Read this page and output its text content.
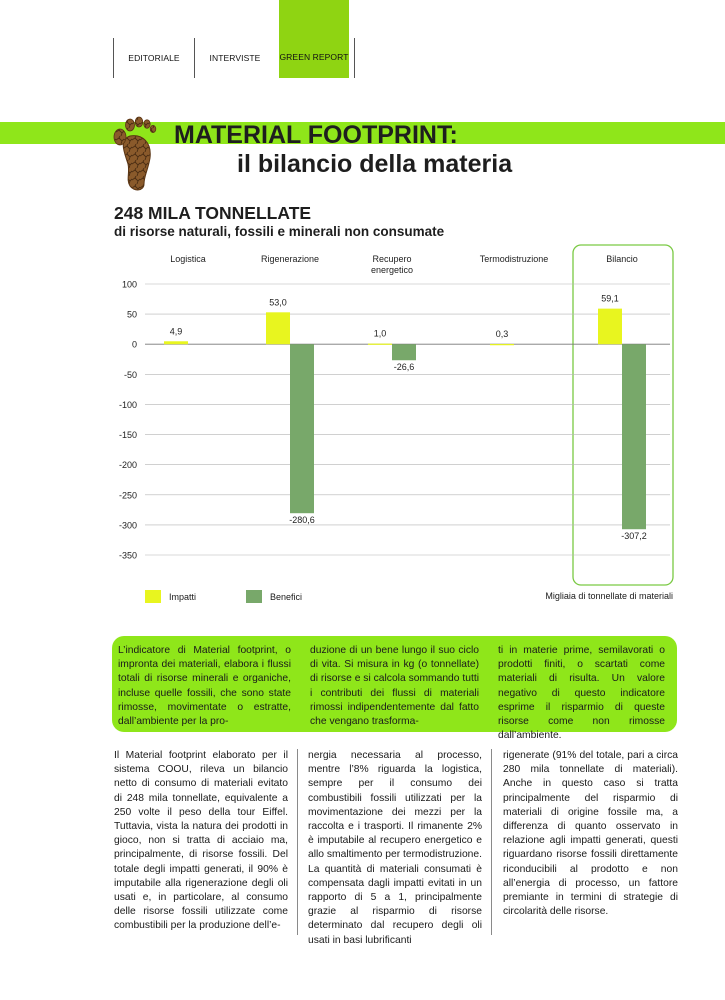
EDITORIALE	INTERVISTE	GREEN REPORT
MATERIAL FOOTPRINT:
il bilancio della materia
248 MILA TONNELLATE
di risorse naturali, fossili e minerali non consumate
100
50
0
-50
-100
-150
-200
-250
-300
-350
Logistica	Rigenerazione	Recupero
energetico
Termodistruzione	Bilancio
4,9
53,0
1,0	0,3
59,1
-280,6
-26,6
-307,2
Impatti	Benefici	Migliaia di tonnellate di materiali
L’indicatore di Material footprint, o impronta dei materiali, elabora i flussi totali di risorse minerali e organiche, incluse quelle fossili, che sono state rimosse, movimentate o estratte, dall’ambiente per la pro-
duzione di un bene lungo il suo ciclo di vita. Si misura in kg (o tonnellate) di risorse e si calcola sommando tutti i contributi dei flussi di materiali rimossi indipendentemente dal fatto che vengano trasforma-
ti in materie prime, semilavorati o prodotti finiti, o scartati come materiali di risulta. Un valore negativo di questo indicatore esprime il risparmio di queste risorse come non rimosse dall’ambiente.
Il Material footprint elaborato per il sistema COOU, rileva un bilancio netto di consumo di materiali evitato di 248 mila tonnellate, equivalente a 250 volte il peso della tour Eiffel. Tuttavia, vista la natura dei prodotti in gioco, non si tratta di acciaio ma, principalmente, di risorse fossili. Del totale degli impatti generati, il 90% è imputabile alla rigenerazione degli oli usati e, in particolare, al consumo delle risorse fossili utilizzate come combustibili per la produzione dell’e-
nergia necessaria al processo, mentre l’8% riguarda la logistica, sempre per il consumo dei combustibili fossili utilizzati per la movimentazione dei mezzi per la raccolta e i trasporti. Il rimanente 2% è imputabile al recupero energetico e allo smaltimento per termodistruzione. La quantità di materiali consumati è compensata dagli impatti evitati in un rapporto di 5 a 1, principalmente grazie al risparmio di risorse determinato dal recupero degli oli usati in basi lubrificanti
rigenerate (91% del totale, pari a circa 280 mila tonnellate di materiali). Anche in questo caso si tratta principalmente del risparmio di materiali di origine fossile ma, a differenza di quanto osservato in relazione agli impatti generati, questi riguardano risorse fossili direttamente riconducibili al prodotto e non all’energia di processo, un fattore premiante in termini di strategie di circolarità delle risorse.
